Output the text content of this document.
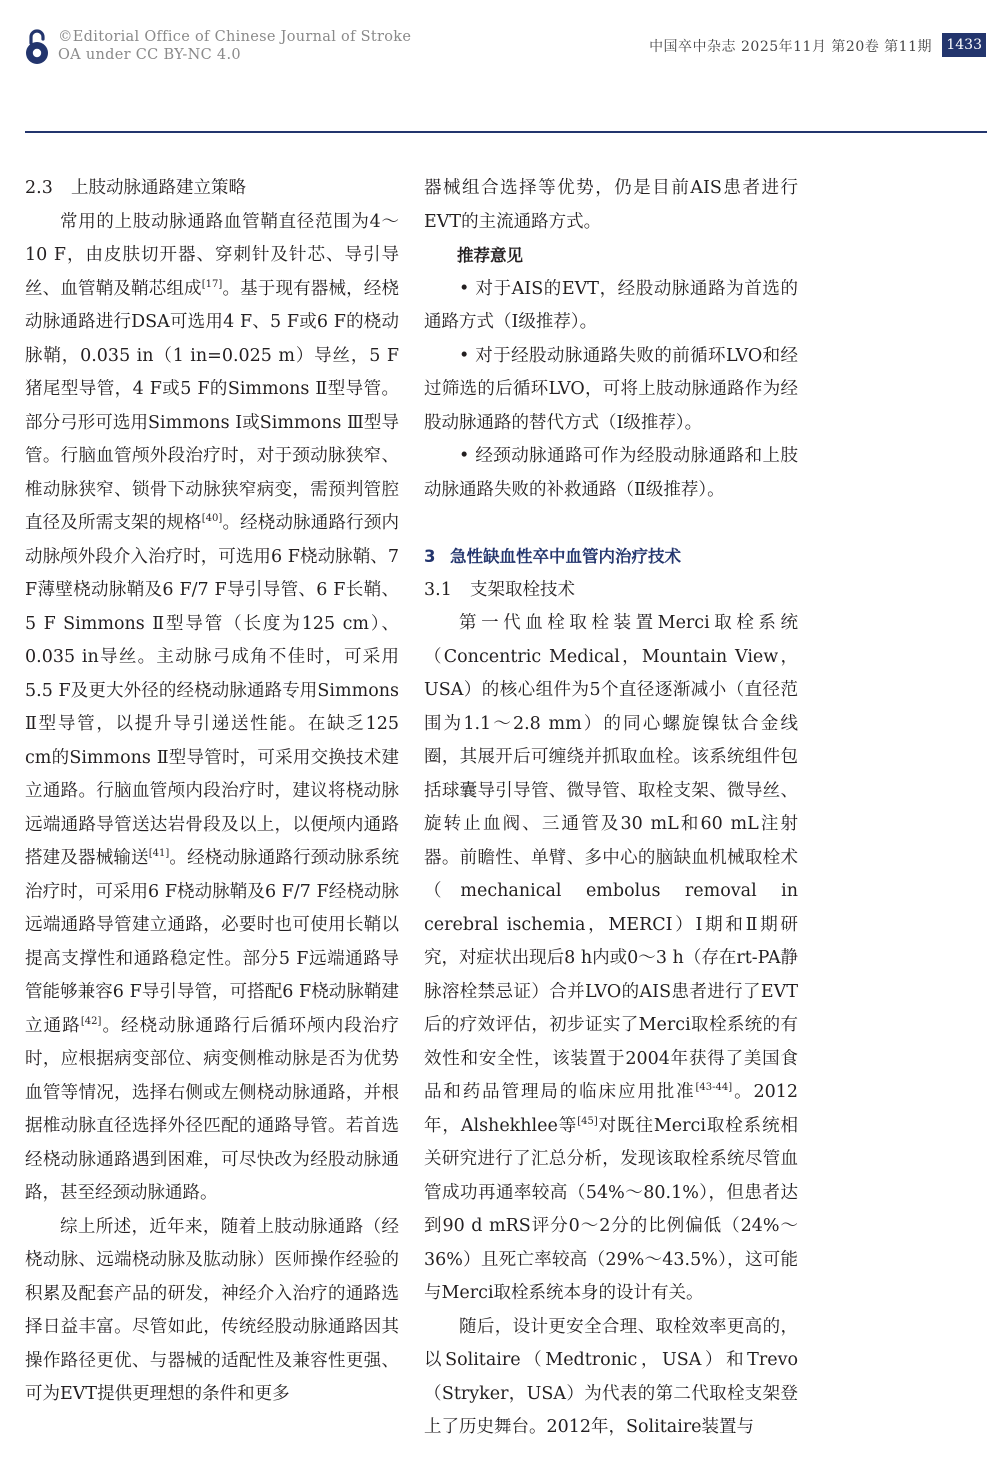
©Editorial Office of Chinese Journal of Stroke
OA under CC BY-NC 4.0	中国卒中杂志 2025年11月 第20卷 第11期 1433
2.3 上肢动脉通路建立策略

常用的上肢动脉通路血管鞘直径范围为4～10 F，由皮肤切开器、穿刺针及针芯、导引导丝、血管鞘及鞘芯组成[17]。基于现有器械，经桡动脉通路进行DSA可选用4 F、5 F或6 F的桡动脉鞘，0.035 in（1 in=0.025 m）导丝，5 F猪尾型导管，4 F或5 F的Simmons Ⅱ型导管。部分弓形可选用Simmons Ⅰ或Simmons Ⅲ型导管。行脑血管颅外段治疗时，对于颈动脉狭窄、椎动脉狭窄、锁骨下动脉狭窄病变，需预判管腔直径及所需支架的规格[40]。经桡动脉通路行颈内动脉颅外段介入治疗时，可选用6 F桡动脉鞘、7 F薄壁桡动脉鞘及6 F/7 F导引导管、6 F长鞘、5 F Simmons Ⅱ型导管（长度为125 cm）、0.035 in导丝。主动脉弓成角不佳时，可采用5.5 F及更大外径的经桡动脉通路专用Simmons Ⅱ型导管，以提升导引递送性能。在缺乏125 cm的Simmons Ⅱ型导管时，可采用交换技术建立通路。行脑血管颅内段治疗时，建议将桡动脉远端通路导管送达岩骨段及以上，以便颅内通路搭建及器械输送[41]。经桡动脉通路行颈动脉系统治疗时，可采用6 F桡动脉鞘及6 F/7 F经桡动脉远端通路导管建立通路，必要时也可使用长鞘以提高支撑性和通路稳定性。部分5 F远端通路导管能够兼容6 F导引导管，可搭配6 F桡动脉鞘建立通路[42]。经桡动脉通路行后循环颅内段治疗时，应根据病变部位、病变侧椎动脉是否为优势血管等情况，选择右侧或左侧桡动脉通路，并根据椎动脉直径选择外径匹配的通路导管。若首选经桡动脉通路遇到困难，可尽快改为经股动脉通路，甚至经颈动脉通路。

综上所述，近年来，随着上肢动脉通路（经桡动脉、远端桡动脉及肱动脉）医师操作经验的积累及配套产品的研发，神经介入治疗的通路选择日益丰富。尽管如此，传统经股动脉通路因其操作路径更优、与器械的适配性及兼容性更强、可为EVT提供更理想的条件和更多

器械组合选择等优势，仍是目前AIS患者进行EVT的主流通路方式。

推荐意见

• 对于AIS的EVT，经股动脉通路为首选的通路方式（Ⅰ级推荐）。

• 对于经股动脉通路失败的前循环LVO和经过筛选的后循环LVO，可将上肢动脉通路作为经股动脉通路的替代方式（Ⅰ级推荐）。

• 经颈动脉通路可作为经股动脉通路和上肢动脉通路失败的补救通路（Ⅱ级推荐）。

3 急性缺血性卒中血管内治疗技术
3.1 支架取栓技术

第一代血栓取栓装置Merci取栓系统（Concentric Medical，Mountain View，USA）的核心组件为5个直径逐渐减小（直径范围为1.1～2.8 mm）的同心螺旋镍钛合金线圈，其展开后可缠绕并抓取血栓。该系统组件包括球囊导引导管、微导管、取栓支架、微导丝、旋转止血阀、三通管及30 mL和60 mL注射器。前瞻性、单臂、多中心的脑缺血机械取栓术（mechanical embolus removal in cerebral ischemia，MERCI）Ⅰ期和Ⅱ期研究，对症状出现后8 h内或0～3 h（存在rt-PA静脉溶栓禁忌证）合并LVO的AIS患者进行了EVT后的疗效评估，初步证实了Merci取栓系统的有效性和安全性，该装置于2004年获得了美国食品和药品管理局的临床应用批准[43-44]。2012年，Alshekhlee等[45]对既往Merci取栓系统相关研究进行了汇总分析，发现该取栓系统尽管血管成功再通率较高（54%～80.1%），但患者达到90 d mRS评分0～2分的比例偏低（24%～36%）且死亡率较高（29%～43.5%），这可能与Merci取栓系统本身的设计有关。

随后，设计更安全合理、取栓效率更高的，以Solitaire（Medtronic，USA）和Trevo（Stryker，USA）为代表的第二代取栓支架登上了历史舞台。2012年，Solitaire装置与
